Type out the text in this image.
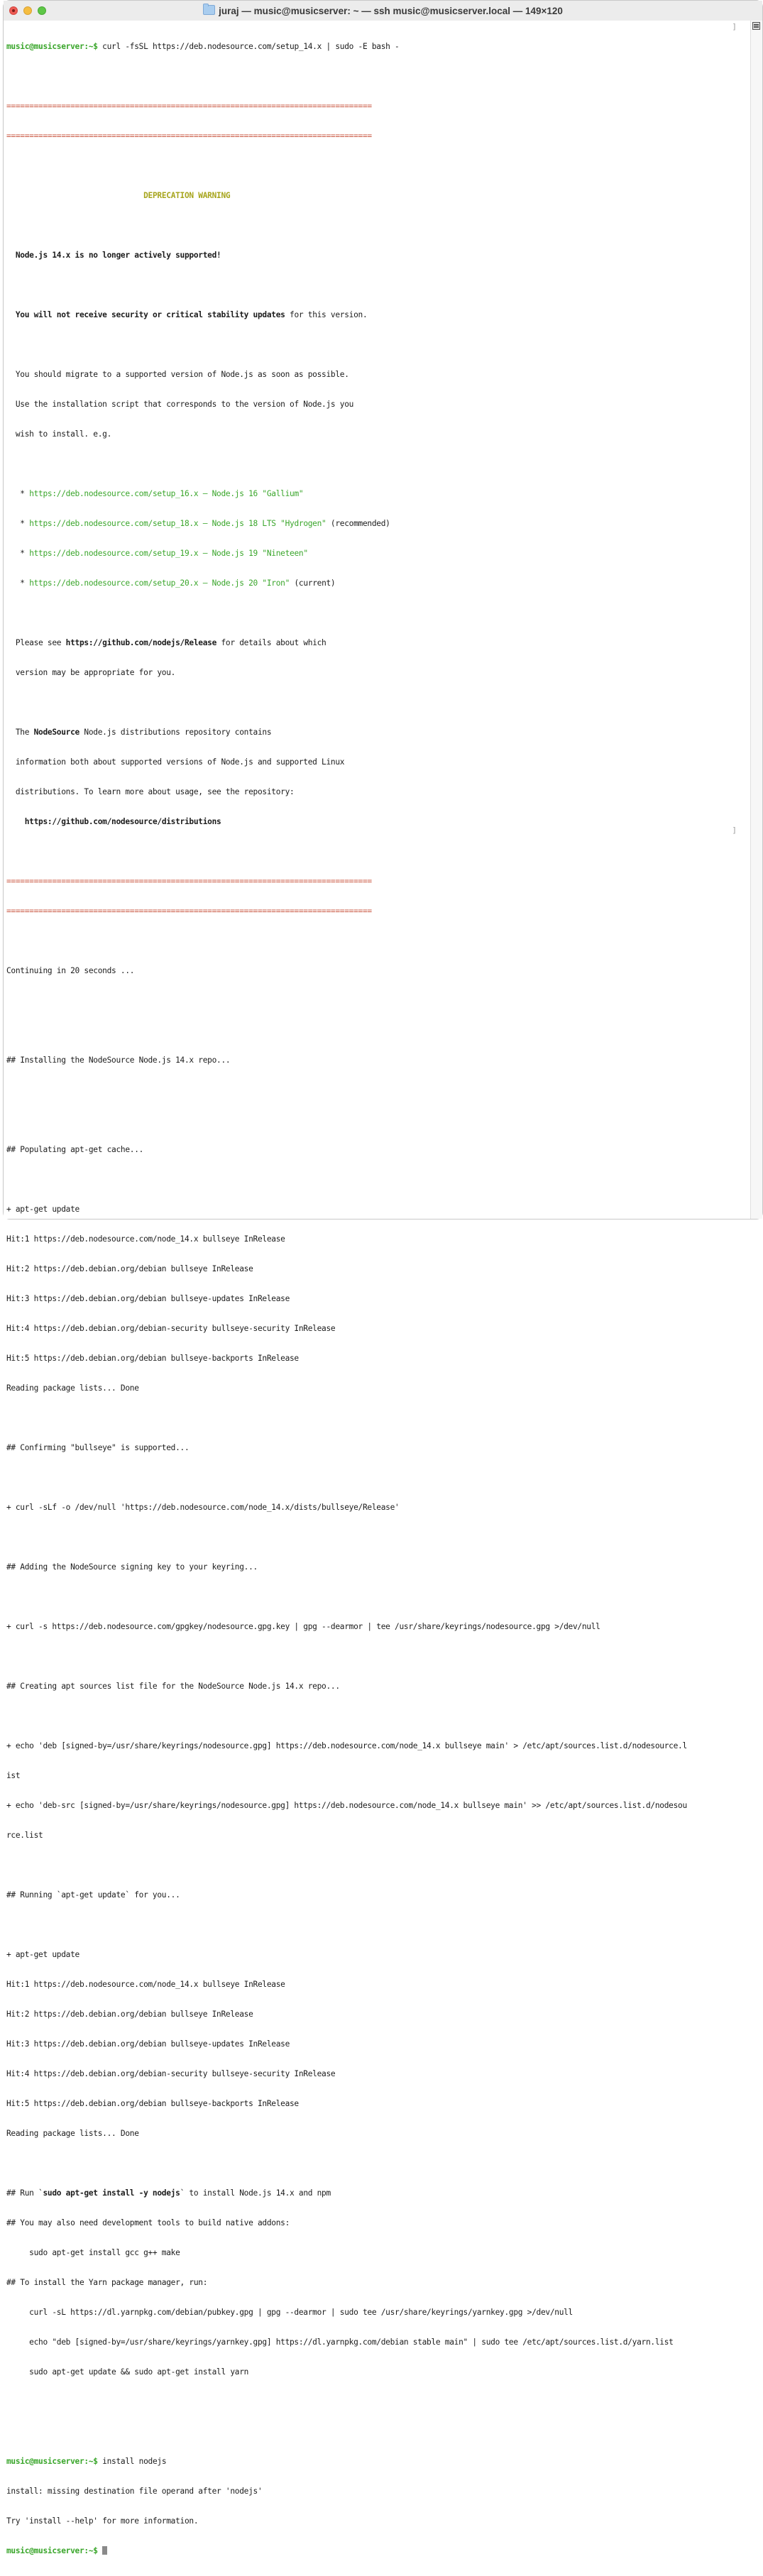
juraj — music@musicserver: ~ — ssh music@musicserver.local — 149×120

music@musicserver:~$ curl -fsSL https://deb.nodesource.com/setup_14.x | sudo -E bash -

================================================================================

================================================================================

DEPRECATION WARNING

Node.js 14.x is no longer actively supported!

You will not receive security or critical stability updates for this version.

You should migrate to a supported version of Node.js as soon as possible.

Use the installation script that corresponds to the version of Node.js you

wish to install. e.g.

* https://deb.nodesource.com/setup_16.x — Node.js 16 "Gallium"

* https://deb.nodesource.com/setup_18.x — Node.js 18 LTS "Hydrogen" (recommended)

* https://deb.nodesource.com/setup_19.x — Node.js 19 "Nineteen"

* https://deb.nodesource.com/setup_20.x — Node.js 20 "Iron" (current)

Please see https://github.com/nodejs/Release for details about which

version may be appropriate for you.

The NodeSource Node.js distributions repository contains

information both about supported versions of Node.js and supported Linux

distributions. To learn more about usage, see the repository:

https://github.com/nodesource/distributions

================================================================================

================================================================================

Continuing in 20 seconds ...

## Installing the NodeSource Node.js 14.x repo...

## Populating apt-get cache...

+ apt-get update

Hit:1 https://deb.nodesource.com/node_14.x bullseye InRelease

Hit:2 https://deb.debian.org/debian bullseye InRelease

Hit:3 https://deb.debian.org/debian bullseye-updates InRelease

Hit:4 https://deb.debian.org/debian-security bullseye-security InRelease

Hit:5 https://deb.debian.org/debian bullseye-backports InRelease

Reading package lists... Done

## Confirming "bullseye" is supported...

+ curl -sLf -o /dev/null 'https://deb.nodesource.com/node_14.x/dists/bullseye/Release'

## Adding the NodeSource signing key to your keyring...

+ curl -s https://deb.nodesource.com/gpgkey/nodesource.gpg.key | gpg --dearmor | tee /usr/share/keyrings/nodesource.gpg >/dev/null

## Creating apt sources list file for the NodeSource Node.js 14.x repo...

+ echo 'deb [signed-by=/usr/share/keyrings/nodesource.gpg] https://deb.nodesource.com/node_14.x bullseye main' > /etc/apt/sources.list.d/nodesource.l

ist

+ echo 'deb-src [signed-by=/usr/share/keyrings/nodesource.gpg] https://deb.nodesource.com/node_14.x bullseye main' >> /etc/apt/sources.list.d/nodesou

rce.list

## Running `apt-get update` for you...

+ apt-get update

Hit:1 https://deb.nodesource.com/node_14.x bullseye InRelease

Hit:2 https://deb.debian.org/debian bullseye InRelease

Hit:3 https://deb.debian.org/debian bullseye-updates InRelease

Hit:4 https://deb.debian.org/debian-security bullseye-security InRelease

Hit:5 https://deb.debian.org/debian bullseye-backports InRelease

Reading package lists... Done

## Run `sudo apt-get install -y nodejs` to install Node.js 14.x and npm

## You may also need development tools to build native addons:

sudo apt-get install gcc g++ make

## To install the Yarn package manager, run:

curl -sL https://dl.yarnpkg.com/debian/pubkey.gpg | gpg --dearmor | sudo tee /usr/share/keyrings/yarnkey.gpg >/dev/null

echo "deb [signed-by=/usr/share/keyrings/yarnkey.gpg] https://dl.yarnpkg.com/debian stable main" | sudo tee /etc/apt/sources.list.d/yarn.list

sudo apt-get update && sudo apt-get install yarn

music@musicserver:~$ install nodejs

install: missing destination file operand after 'nodejs'

Try 'install --help' for more information.

music@musicserver:~$

]
]
